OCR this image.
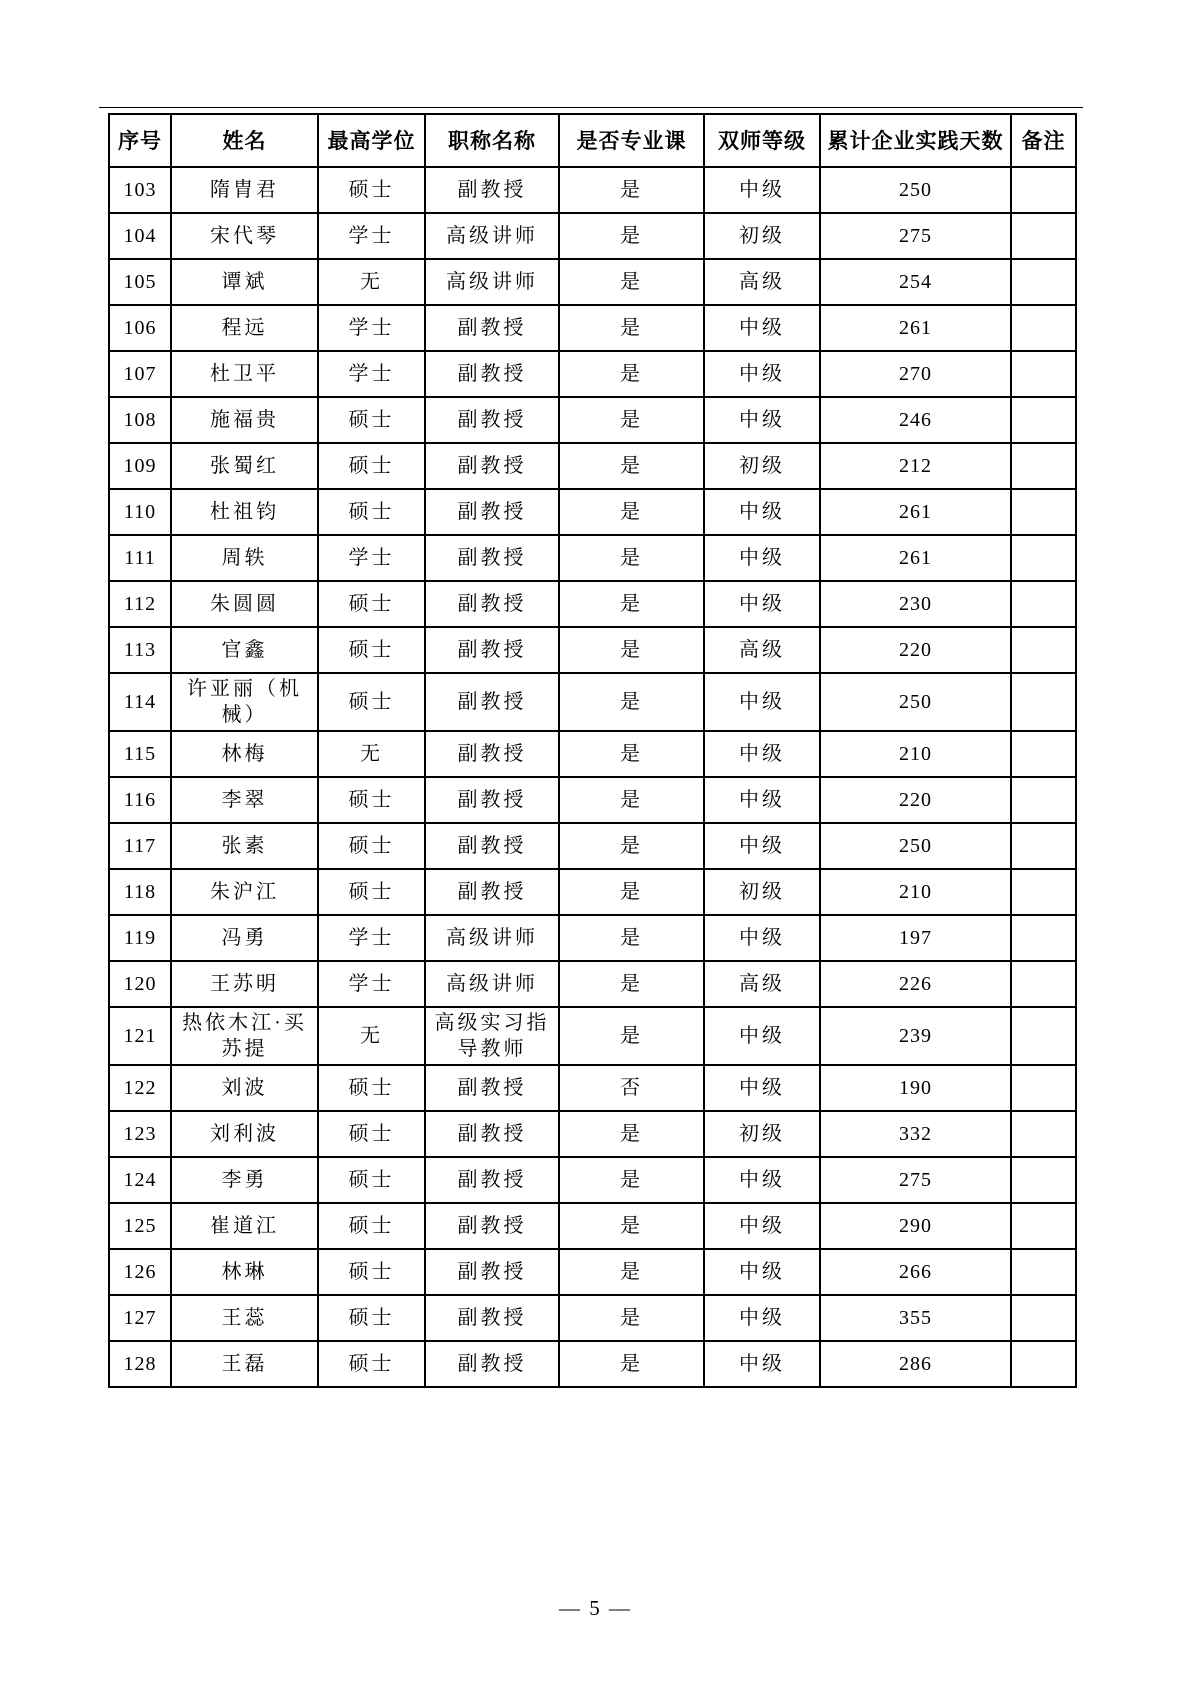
序号	姓名	最高学位	职称名称	是否专业课	双师等级	累计企业实践天数	备注
103	隋胄君	硕士	副教授	是	中级	250	
104	宋代琴	学士	高级讲师	是	初级	275	
105	谭斌	无	高级讲师	是	高级	254	
106	程远	学士	副教授	是	中级	261	
107	杜卫平	学士	副教授	是	中级	270	
108	施福贵	硕士	副教授	是	中级	246	
109	张蜀红	硕士	副教授	是	初级	212	
110	杜祖钧	硕士	副教授	是	中级	261	
111	周轶	学士	副教授	是	中级	261	
112	朱圆圆	硕士	副教授	是	中级	230	
113	官鑫	硕士	副教授	是	高级	220	
114	许亚丽（机械）	硕士	副教授	是	中级	250	
115	林梅	无	副教授	是	中级	210	
116	李翠	硕士	副教授	是	中级	220	
117	张素	硕士	副教授	是	中级	250	
118	朱沪江	硕士	副教授	是	初级	210	
119	冯勇	学士	高级讲师	是	中级	197	
120	王苏明	学士	高级讲师	是	高级	226	
121	热依木江·买苏提	无	高级实习指导教师	是	中级	239	
122	刘波	硕士	副教授	否	中级	190	
123	刘利波	硕士	副教授	是	初级	332	
124	李勇	硕士	副教授	是	中级	275	
125	崔道江	硕士	副教授	是	中级	290	
126	林琳	硕士	副教授	是	中级	266	
127	王蕊	硕士	副教授	是	中级	355	
128	王磊	硕士	副教授	是	中级	286	
— 5 —
